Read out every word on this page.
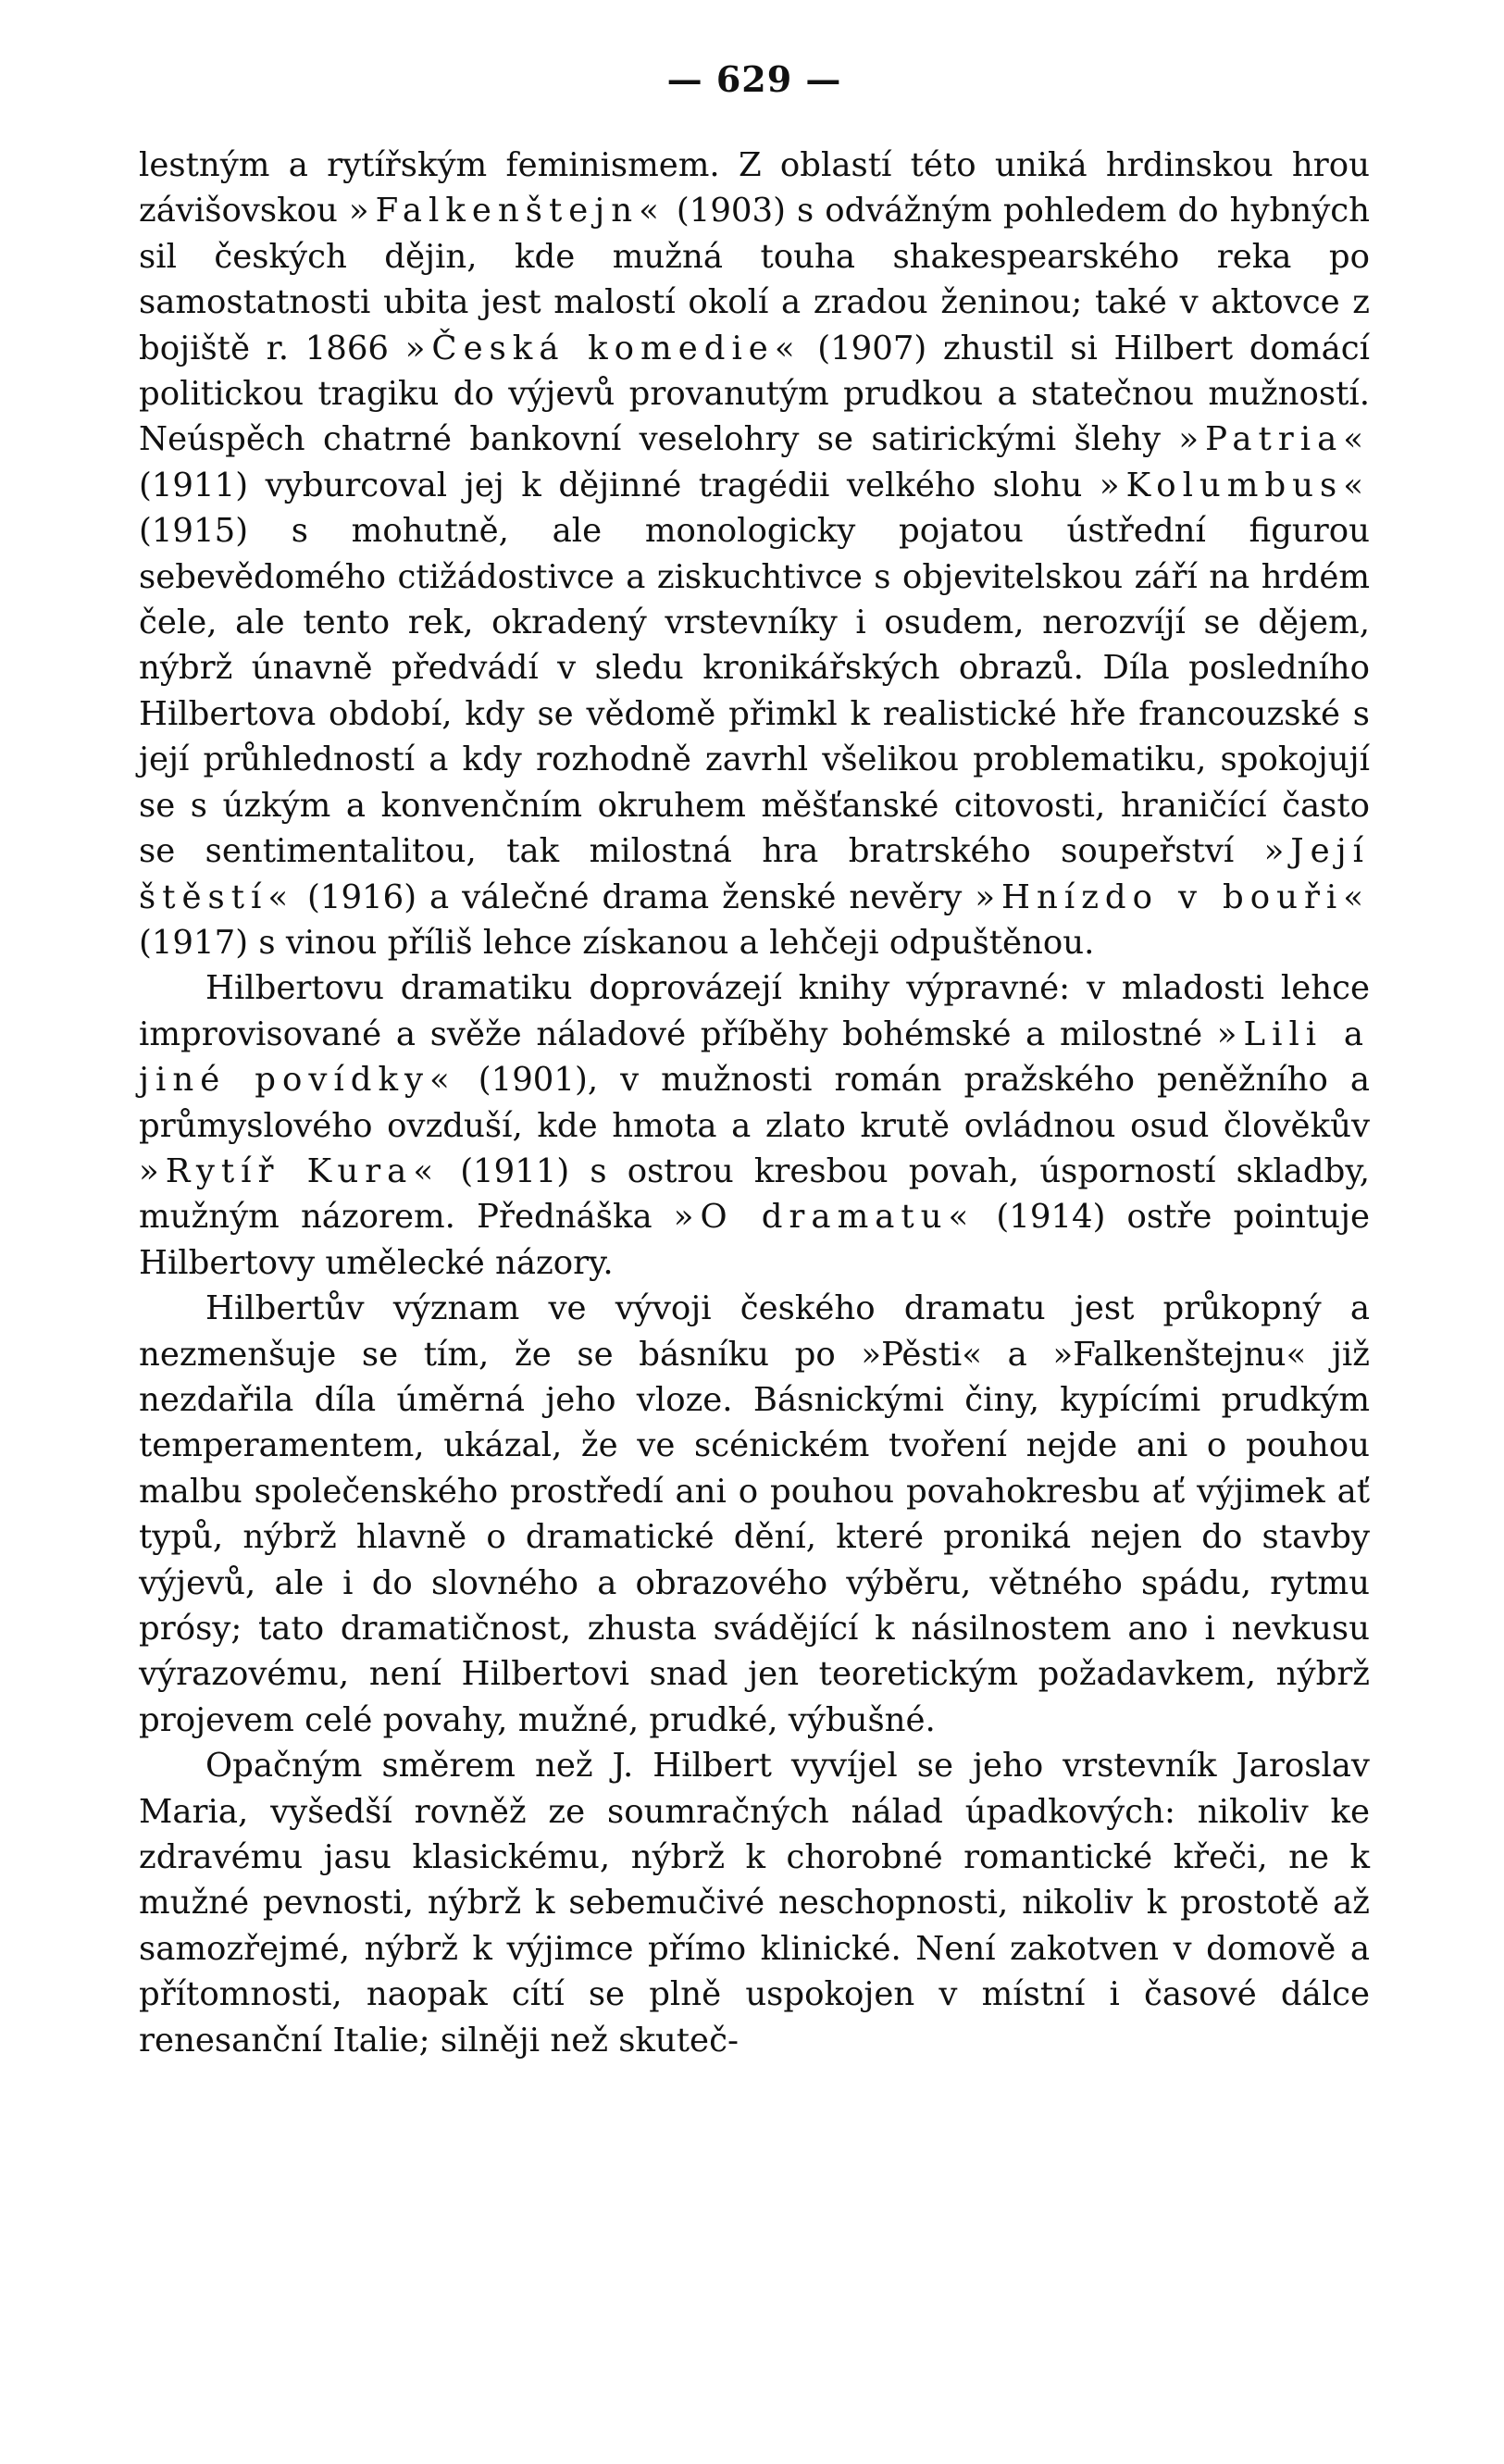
— 629 —

lestným a rytířským feminismem. Z oblastí této uniká hrdinskou hrou závišovskou »Falkenštejn« (1903) s odvážným pohledem do hybných sil českých dějin, kde mužná touha shakespearského reka po samostatnosti ubita jest malostí okolí a zradou ženinou; také v aktovce z bojiště r. 1866 »Česká komedie« (1907) zhustil si Hilbert domácí politickou tragiku do výjevů provanutým prudkou a statečnou mužností. Neúspěch chatrné bankovní veselohry se satirickými šlehy »Patria« (1911) vyburcoval jej k dějinné tragédii velkého slohu »Kolumbus« (1915) s mohutně, ale monologicky pojatou ústřední figurou sebevědomého ctižádostivce a ziskuchtivce s objevitelskou září na hrdém čele, ale tento rek, okradený vrstevníky i osudem, nerozvíjí se dějem, nýbrž únavně předvádí v sledu kronikářských obrazů. Díla posledního Hilbertova období, kdy se vědomě přimkl k realistické hře francouzské s její průhledností a kdy rozhodně zavrhl všelikou problematiku, spokojují se s úzkým a konvenčním okruhem měšťanské citovosti, hraničící často se sentimentalitou, tak milostná hra bratrského soupeřství »Její štěstí« (1916) a válečné drama ženské nevěry »Hnízdo v bouři« (1917) s vinou příliš lehce získanou a lehčeji odpuštěnou.

Hilbertovu dramatiku doprovázejí knihy výpravné: v mladosti lehce improvisované a svěže náladové příběhy bohémské a milostné »Lili a jiné povídky« (1901), v mužnosti román pražského peněžního a průmyslového ovzduší, kde hmota a zlato krutě ovládnou osud člověkův »Rytíř Kura« (1911) s ostrou kresbou povah, úsporností skladby, mužným názorem. Přednáška »O dramatu« (1914) ostře pointuje Hilbertovy umělecké názory.

Hilbertův význam ve vývoji českého dramatu jest průkopný a nezmenšuje se tím, že se básníku po »Pěsti« a »Falkenštejnu« již nezdařila díla úměrná jeho vloze. Básnickými činy, kypícími prudkým temperamentem, ukázal, že ve scénickém tvoření nejde ani o pouhou malbu společenského prostředí ani o pouhou povahokresbu ať výjimek ať typů, nýbrž hlavně o dramatické dění, které proniká nejen do stavby výjevů, ale i do slovného a obrazového výběru, větného spádu, rytmu prósy; tato dramatičnost, zhusta svádějící k násilnostem ano i nevkusu výrazovému, není Hilbertovi snad jen teoretickým požadavkem, nýbrž projevem celé povahy, mužné, prudké, výbušné.

Opačným směrem než J. Hilbert vyvíjel se jeho vrstevník Jaroslav Maria, vyšedší rovněž ze soumračných nálad úpadkových: nikoliv ke zdravému jasu klasickému, nýbrž k chorobné romantické křeči, ne k mužné pevnosti, nýbrž k sebemučivé neschopnosti, nikoliv k prostotě až samozřejmé, nýbrž k výjimce přímo klinické. Není zakotven v domově a přítomnosti, naopak cítí se plně uspokojen v místní i časové dálce renesanční Italie; silněji než skuteč-
